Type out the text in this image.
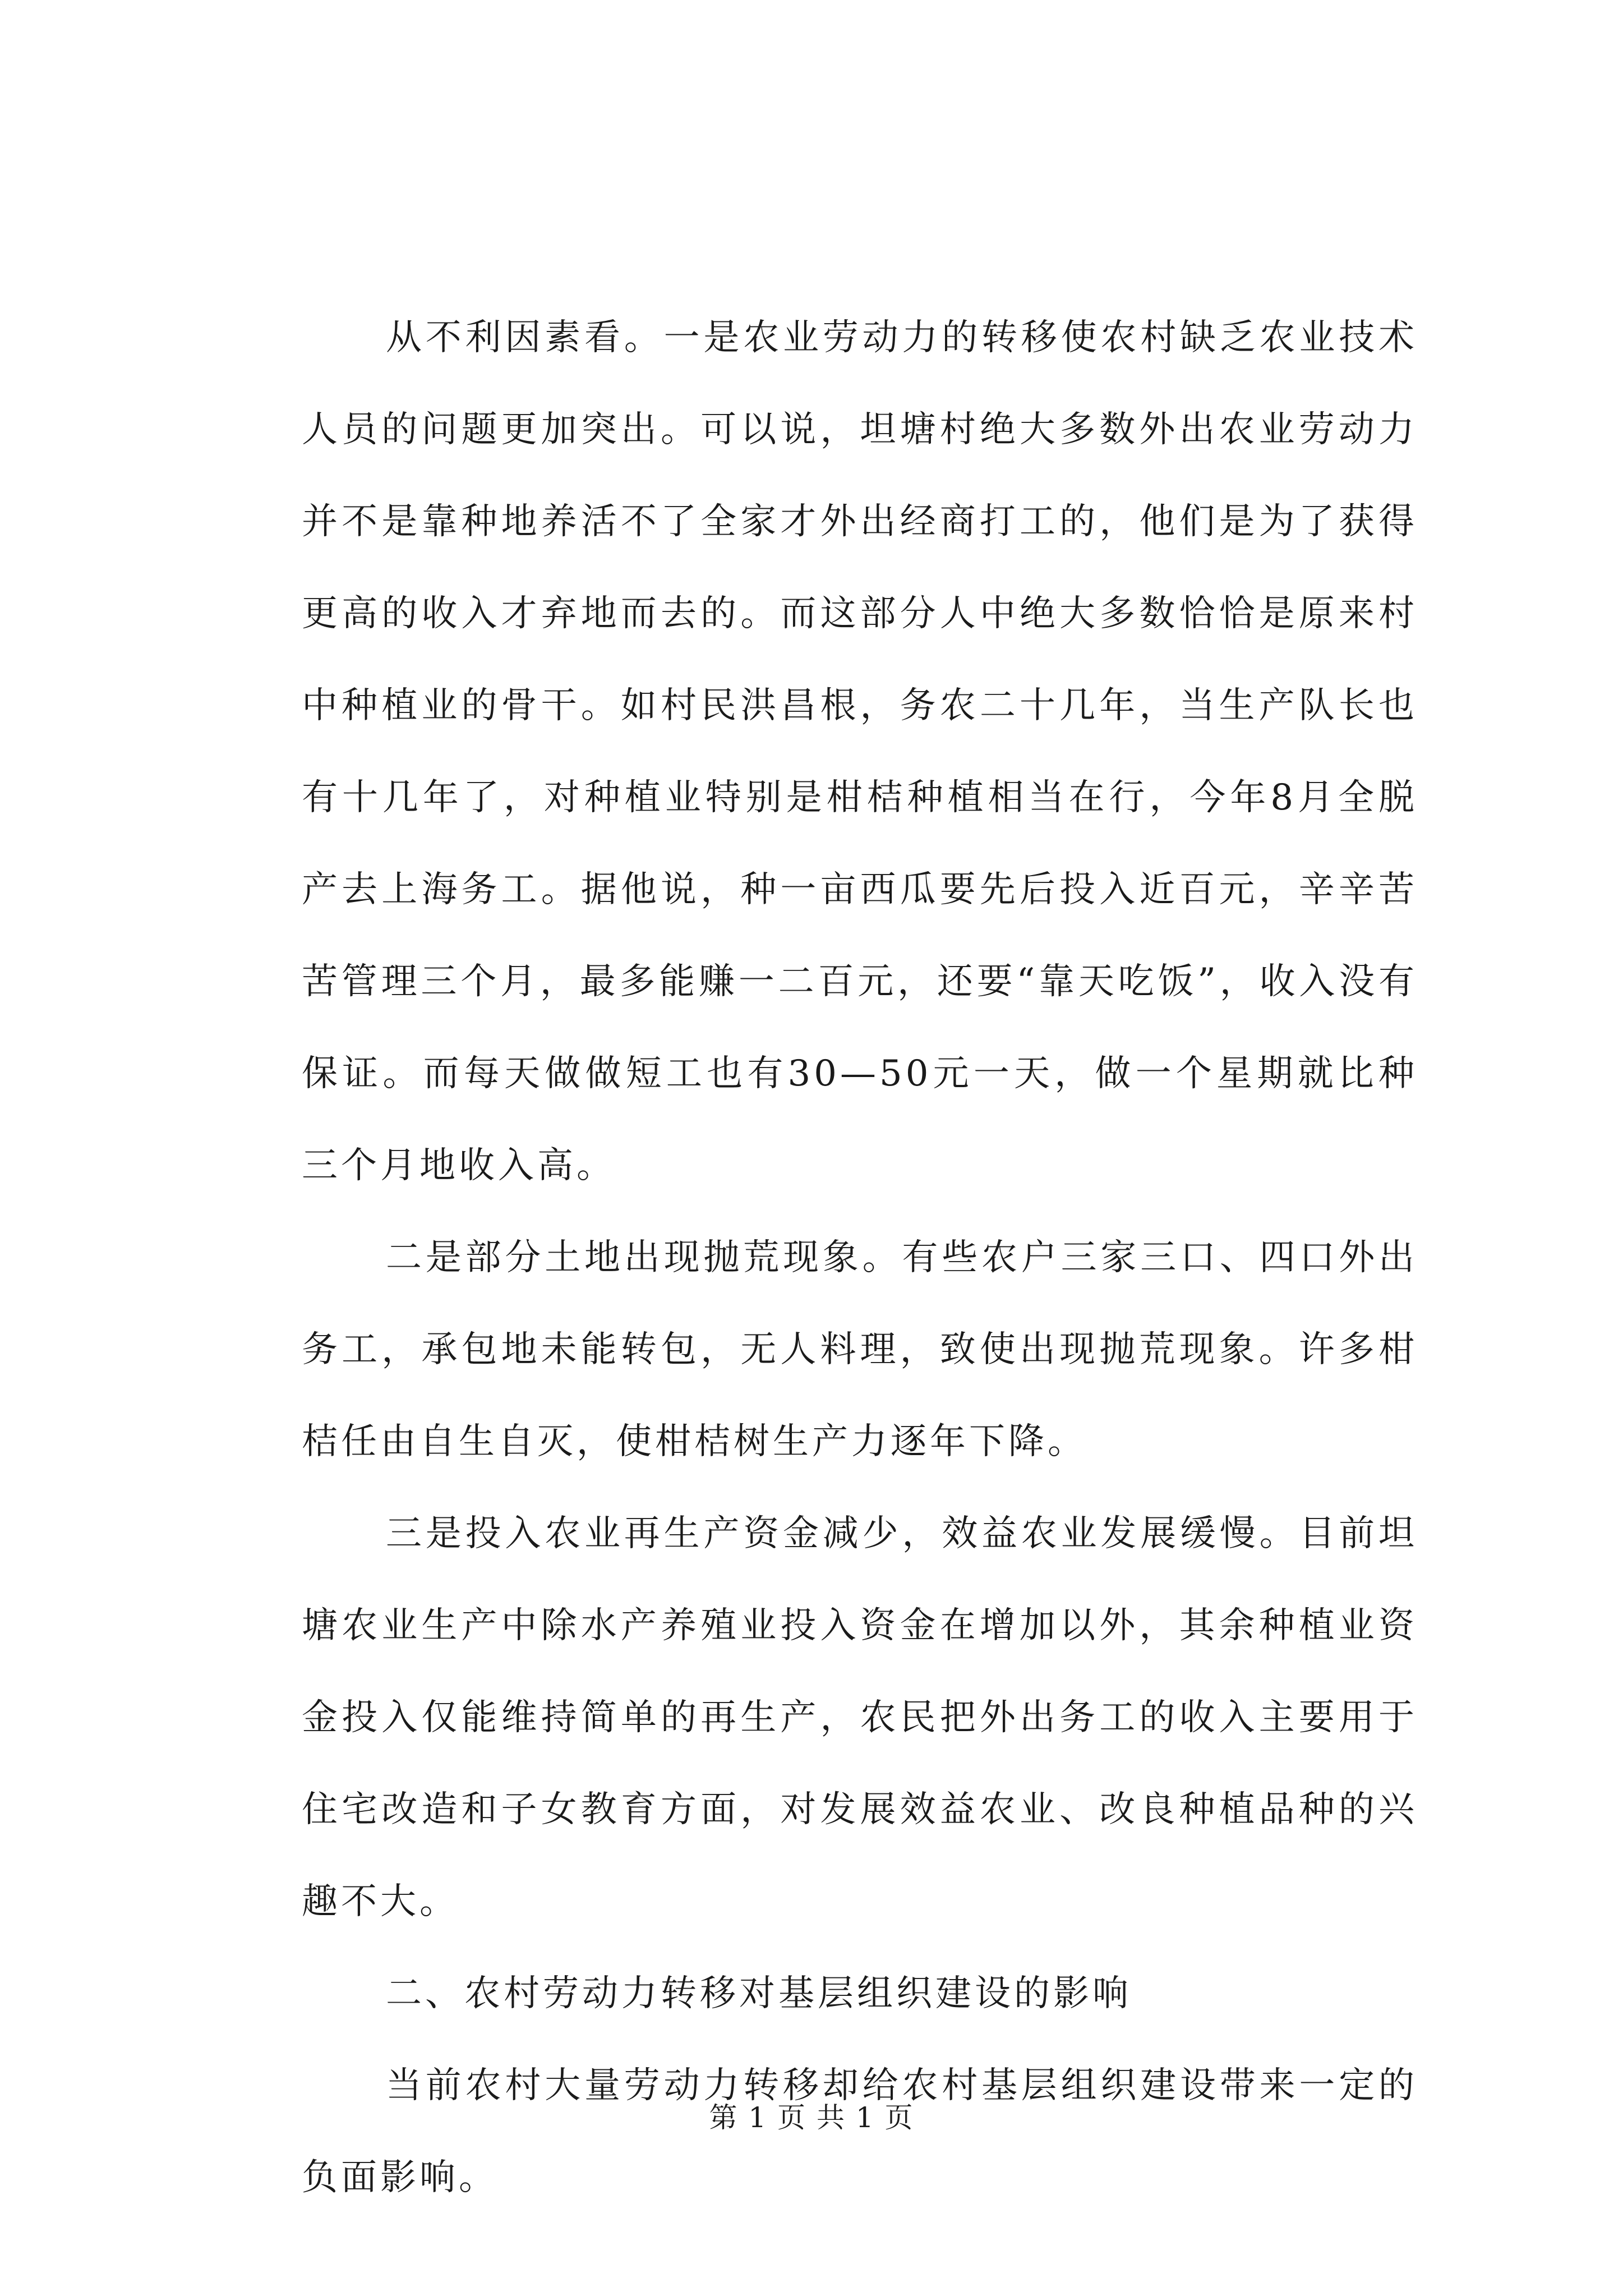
从不利因素看。一是农业劳动力的转移使农村缺乏农业技术人员的问题更加突出。可以说，坦塘村绝大多数外出农业劳动力并不是靠种地养活不了全家才外出经商打工的，他们是为了获得更高的收入才弃地而去的。而这部分人中绝大多数恰恰是原来村中种植业的骨干。如村民洪昌根，务农二十几年，当生产队长也有十几年了，对种植业特别是柑桔种植相当在行，今年8月全脱产去上海务工。据他说，种一亩西瓜要先后投入近百元，辛辛苦苦管理三个月，最多能赚一二百元，还要“靠天吃饭”，收入没有保证。而每天做做短工也有30—50元一天，做一个星期就比种三个月地收入高。

二是部分土地出现抛荒现象。有些农户三家三口、四口外出务工，承包地未能转包，无人料理，致使出现抛荒现象。许多柑桔任由自生自灭，使柑桔树生产力逐年下降。

三是投入农业再生产资金减少，效益农业发展缓慢。目前坦塘农业生产中除水产养殖业投入资金在增加以外，其余种植业资金投入仅能维持简单的再生产，农民把外出务工的收入主要用于住宅改造和子女教育方面，对发展效益农业、改良种植品种的兴趣不大。

二、农村劳动力转移对基层组织建设的影响

当前农村大量劳动力转移却给农村基层组织建设带来一定的负面影响。

第 1 页 共 1 页
